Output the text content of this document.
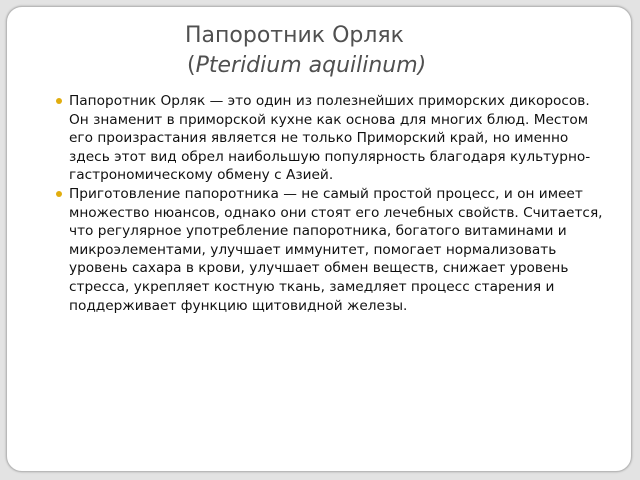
Папоротник Орляк
(Pteridium aquilinum)
Папоротник Орляк — это один из полезнейших приморских дикоросов. Он знаменит в приморской кухне как основа для многих блюд. Местом его произрастания является не только Приморский край, но именно здесь этот вид обрел наибольшую популярность благодаря культурно-гастрономическому обмену с Азией.
Приготовление папоротника — не самый простой процесс, и он имеет множество нюансов, однако они стоят его лечебных свойств. Считается, что регулярное употребление папоротника, богатого витаминами и микроэлементами, улучшает иммунитет, помогает нормализовать уровень сахара в крови, улучшает обмен веществ, снижает уровень стресса, укрепляет костную ткань, замедляет процесс старения и поддерживает функцию щитовидной железы.
